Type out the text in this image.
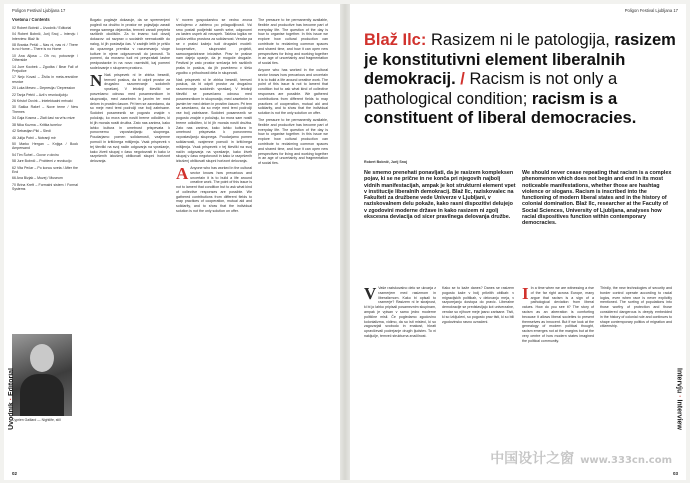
Poligon Festival Ljubljana 17
Vsebina / Contents
02 Robert Bobnič – Uvodnik / Editorial
04 Robert Bobnič, Jurij Snoj – Intervju / Interview: Blaž Ilc
08 Branka Pešič – Nas ni, nas ni / There is no Home – There is no Home
10 Ana Aljosa – Oh no, potovanje / Otherside
14 Jure Kocbek – Zgodba / Bear Fall of Prejudice
17 Nejc Kovač – Živila in meta-resnične resnice
20 Luka Mesec – Depresija / Depression
22 Tanja Petrič – Azil v resnicoljubju
26 Kristof Ocvirk – Intelektualni mrtvaki
30 Saška Rakef – Nove teme / New Themes
34 Gaja Kosma – Zlati časi na vrhu mize
38 Nika Kuzma – Kritika tunelov
42 Sebastjan Pikl – Sledi
46 Julija Potrč – Notranji mir
50 Marko Hergan – Knjiga / Book Ampersand
54 Tim Šuhel – Govor v okviru
58 Jure Bobnič – Problemi z revolucijo
62 Vita Pečar – Po koncu sveta / After the End
66 Ana Bizjak – Muzej / Museum
70 Brina Kreft – Formalni sistem / Formal Systems
Cyprien Gaillard — Nightlife, still

Bogato poglavje dokazuje, da se spremenjeni pogledi na družbo in prostor ne pojavljajo zaradi enega samega dejavnika, temveč zaradi prepleta različnih okoliščin. Za to imamo tudi dovolj dokazov: od razprav o socialnih neenakostih do nalog, ki jih postavlja čas. V zadnjih letih je prišlo do opaznega premika v razumevanju vloge kulture in njene odgovornosti do javnosti. To pomeni, da moramo tudi mi prevprašati lastne predpostavke in na novo razmisliti, kaj pomeni sodelovanje v skupnem prostoru.

N Naš prispevek ni le zbirka besedil, temveč poskus, da bi odprli prostor za drugačno razumevanje sodobnih vprašanj. V letošnji številki se posvečamo odnosu med posameznikom in skupnostjo, med zasebnim in javnim ter med delom in prostim časom. Pri tem se zavedamo, da so meje med temi področji vse bolj zabrisane. Sodobni posameznik se pogosto znajde v položaju, ko mora sam nositi breme odločitev, ki bi jih morala nositi družba. Zato nas zanima, kako lahko kultura in umetnost prispevata k ponovnemu vzpostavljanju skupnega. Poudarjamo pomen solidarnosti, vzajemne pomoči in kritičnega mišljenja. Vsak prispevek v tej številki na svoj način odgovarja na vprašanje, kako živeti skupaj v času negotovosti in kako iz razpršenih izkušenj oblikovati skupni horizont delovanja.

V novem gospodarstvu se vedno znova srečujemo z zahtevo po prilagodljivosti. Vsi smo postali podjetniki samih sebe, odgovorni za lasten uspeh ali neuspeh. Takšna logika ne pušča veliko prostora za solidarnost. Vendar pa se v praksi kažejo tudi drugačni modeli: kooperative, skupnostni projekti, samoorganizirane iniciative. Prav te prakse nam dajejo upanje, da je mogoče drugače. Festival je zato prostor srečanja teh različnih praks in poskus, da jih povežemo v širšo zgodbo o prihodnosti dela in skupnosti.

Naš prispevek ni le zbirka besedil, temveč poskus, da bi odprli prostor za drugačno razumevanje sodobnih vprašanj. V letošnji številki se posvečamo odnosu med posameznikom in skupnostjo, med zasebnim in javnim ter med delom in prostim časom. Pri tem se zavedamo, da so meje med temi področji vse bolj zabrisane. Sodobni posameznik se pogosto znajde v položaju, ko mora sam nositi breme odločitev, ki bi jih morala nositi družba. Zato nas zanima, kako lahko kultura in umetnost prispevata k ponovnemu vzpostavljanju skupnega. Poudarjamo pomen solidarnosti, vzajemne pomoči in kritičnega mišljenja. Vsak prispevek v tej številki na svoj način odgovarja na vprašanje, kako živeti skupaj v času negotovosti in kako iz razpršenih izkušenj oblikovati skupni horizont delovanja.

A Anyone who has worked in the cultural sector knows how precarious and uncertain it is to build a life around creative work. The point of this issue is not to lament that condition but to ask what kind of collective responses are possible. We gathered contributions from different fields to map practices of cooperation, mutual aid and solidarity, and to show that the individual solution is not the only solution on offer.

The pressure to be permanently available, flexible and productive has become part of everyday life. The question of the day is how to organise together. In this issue we explore how cultural production can contribute to reclaiming common spaces and shared time, and how it can open new perspectives for living and working together in an age of uncertainty and fragmentation of social ties.

Anyone who has worked in the cultural sector knows how precarious and uncertain it is to build a life around creative work. The point of this issue is not to lament that condition but to ask what kind of collective responses are possible. We gathered contributions from different fields to map practices of cooperation, mutual aid and solidarity, and to show that the individual solution is not the only solution on offer.

The pressure to be permanently available, flexible and productive has become part of everyday life. The question of the day is how to organise together. In this issue we explore how cultural production can contribute to reclaiming common spaces and shared time, and how it can open new perspectives for living and working together in an age of uncertainty and fragmentation of social ties.

Uvodnik · Editorial
02
Poligon Festival Ljubljana 17
Blaž Ilc: Rasizem ni le patologija, rasizem je konstitutivni element liberalnih demokracij. / Racism is not only a pathological condition; racism is a constituent of liberal democracies.
Robert Bobnič, Jurij Snoj
Ne smemo prenehati ponavljati, da je rasizem kompleksen pojav, ki se ne prične in ne konča pri njegovih najbolj vidnih manifestacijah, ampak je kot strukturni element vpet v institucije liberalnih demokracij. Blaž Ilc, raziskovalec na Fakulteti za družbene vede Univerze v Ljubljani, v raziskovalnem delu pokaže, kako rasni dispozitivi delujejo v zgodovini moderne države in kako rasizem ni zgolj ekscesna deviacija od sicer pravilnega delovanja družbe.
We should never cease repeating that racism is a complex phenomenon which does not begin and end in its most noticeable manifestations, whether those are hashtag violence or slogans. Racism is inscribed into the functioning of modern liberal states and in the history of colonial domination. Blaž Ilc, researcher at the Faculty of Social Sciences, University of Ljubljana, analyses how racial dispositives function within contemporary democracies.

V Vaše raziskovalno delo se ukvarja z razmerjem med rasizmom in liberalizmom. Kako bi opisali to razmerje? Rasizem ni le skrajnost, ki bi jo lahko pripisali posameznim skupinam, ampak je vpisan v samo jedro moderne politične misli. Če pogledamo zgodovino kolonializma, vidimo, da so isti misleci, ki so zagovarjali svobodo in enakost, hkrati upravičevali podrejanje drugih ljudstev. To ni naključje, temveč strukturna značilnost.

Kako se to kaže danes? Danes se rasizem pogosto kaže v bolj prikritih oblikah: v migracijskih politikah, v delovanju meja, v razporejanju dostopa do pravic. Liberalne demokracije se predstavljajo kot univerzalne, vendar so njihove meje jasno zarisane. Tisti, ki so izključeni, so pogosto prav tisti, ki so bili zgodovinsko rasno označeni.

I In a time when we are witnessing a rise of the far right across Europe, many argue that racism is a sign of a pathological deviation from liberal values. How do you see it? The story of racism as an aberration is comforting because it allows liberal societies to present themselves as innocent. But if we look at the genealogy of modern political thought, racism emerges not at the margins but at the very centre of how modern states imagined the political community.

Thirdly, the new technologies of security and border control operate according to racial logics, even when race is never explicitly mentioned. The sorting of populations into those worthy of protection and those considered dangerous is deeply embedded in the history of colonial rule and continues to shape contemporary politics of migration and citizenship.

Intervju · Interview
03
中国设计之窗 www.333cn.com
